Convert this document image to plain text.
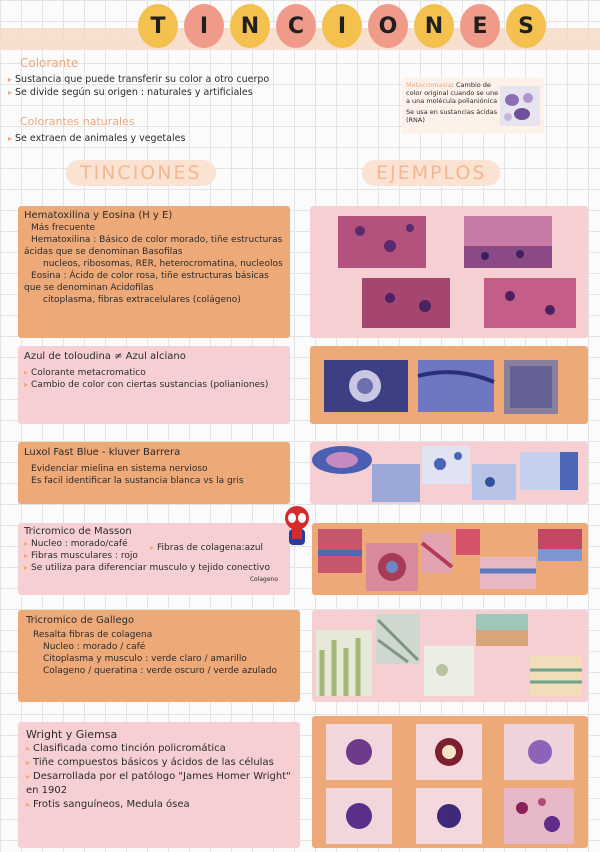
T	I	N	C	I	O	N	E	S
Colorante
▸ Sustancia que puede transferir su color a otro cuerpo
▸ Se divide según su origen : naturales y artificiales
Colorantes naturales
▸ Se extraen de animales y vegetales
Metacromasia: Cambio de color original cuando se une a una molécula polianiónica
Se usa en sustancias ácidas (RNA)
TINCIONES	EJEMPLOS
Hematoxilina y Eosina (H y E)
▸ Más frecuente
▸ Hematoxilina : Básico de color morado, tiñe estructuras ácidas que se denominan Basofilas
▸ nucleos, ribosomas, RER, heterocromatina, nucleolos
▸ Eosina : Ácido de color rosa, tiñe estructuras básicas que se denominan Acidofilas
▸ citoplasma, fibras extracelulares (colágeno)
Azul de toloudina ≠ Azul alciano
▸ Colorante metacromatico
▸ Cambio de color con ciertas sustancias (polianiones)
Luxol Fast Blue - kluver Barrera
▸ Evidenciar mielina en sistema nervioso
▸ Es facil identificar la sustancia blanca vs la gris
Tricromico de Masson
▸ Nucleo : morado/café
▸ Fibras musculares : rojo
▸ Fibras de colagena:azul
▸ Se utiliza para diferenciar musculo y tejido conectivo
Colageno
Tricromico de Gallego
▸ Resalta fibras de colagena
▸ Nucleo : morado / café
▸ Citoplasma y musculo : verde claro / amarillo
▸ Colageno / queratina : verde oscuro / verde azulado
Wright y Giemsa
▸ Clasificada como tinción policromática
▸ Tiñe compuestos básicos y ácidos de las células
▸ Desarrollada por el patólogo "James Homer Wright" en 1902
▸ Frotis sanguíneos, Medula ósea
